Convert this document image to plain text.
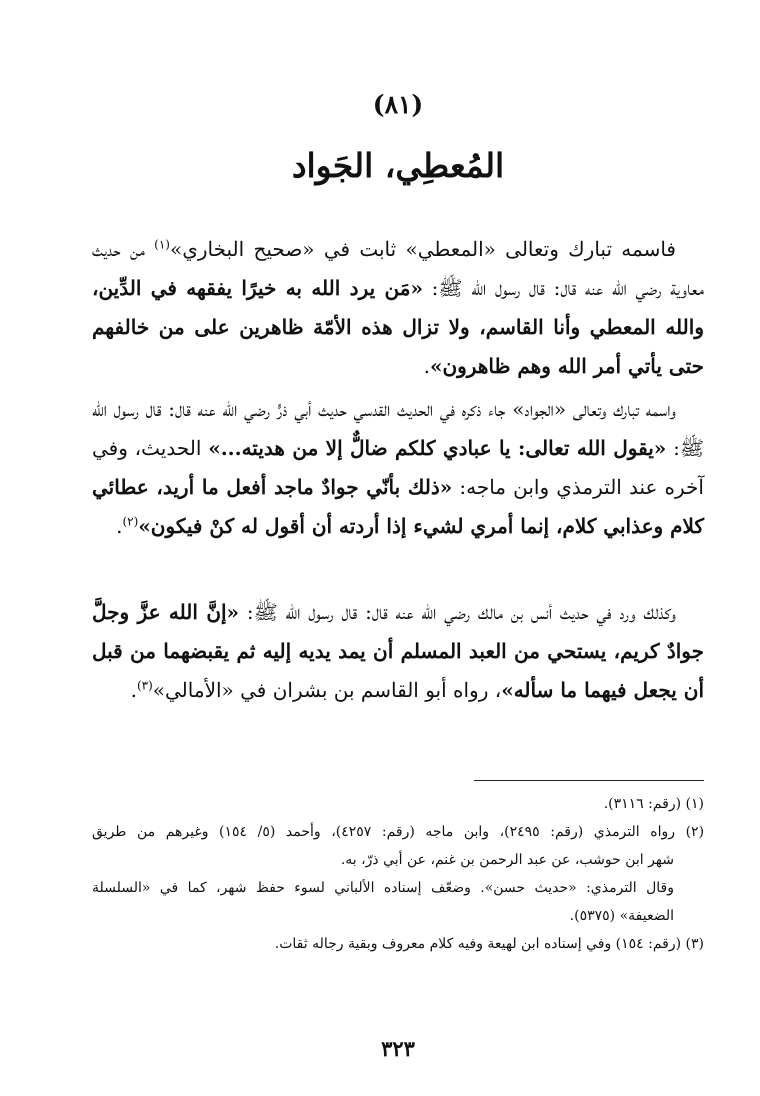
(٨١)
المُعطِي، الجَواد

فاسمه تبارك وتعالى «المعطي» ثابت في «صحيح البخاري»$^{(١)}$ من حديث معاوية رضي الله عنه قال: قال رسول الله ﷺ: «مَن يرد الله به خيرًا يفقهه في الدِّين، والله المعطي وأنا القاسم، ولا تزال هذه الأمّة ظاهرين على من خالفهم حتى يأتي أمر الله وهم ظاهرون».

واسمه تبارك وتعالى «الجواد» جاء ذكره في الحديث القدسي حديث أبي ذرٍّ رضي الله عنه قال: قال رسول الله ﷺ: «يقول الله تعالى: يا عبادي كلكم ضالٌّ إلا من هديته...» الحديث، وفي آخره عند الترمذي وابن ماجه: «ذلك بأنّي جوادٌ ماجد أفعل ما أريد، عطائي كلام وعذابي كلام، إنما أمري لشيء إذا أردته أن أقول له كنْ فيكون»$^{(٢)}$.

وكذلك ورد في حديث أنس بن مالك رضي الله عنه قال: قال رسول الله ﷺ: «إنَّ الله عزَّ وجلَّ جوادٌ كريم، يستحي من العبد المسلم أن يمد يديه إليه ثم يقبضهما من قبل أن يجعل فيهما ما سأله»، رواه أبو القاسم بن بشران في «الأمالي»$^{(٣)}$.

(١) (رقم: ٣١١٦).
(٢) رواه الترمذي (رقم: ٢٤٩٥)، وابن ماجه (رقم: ٤٢٥٧)، وأحمد (٥/ ١٥٤) وغيرهم من طريق
شهر ابن حوشب، عن عبد الرحمن بن غنم، عن أبي ذرّ، به.
وقال الترمذي: «حديث حسن». وضعّف إسناده الألباني لسوء حفظ شهر، كما في «السلسلة
الضعيفة» (٥٣٧٥).
(٣) (رقم: ١٥٤) وفي إسناده ابن لهيعة وفيه كلام معروف وبقية رجاله ثقات.
٣٢٣
